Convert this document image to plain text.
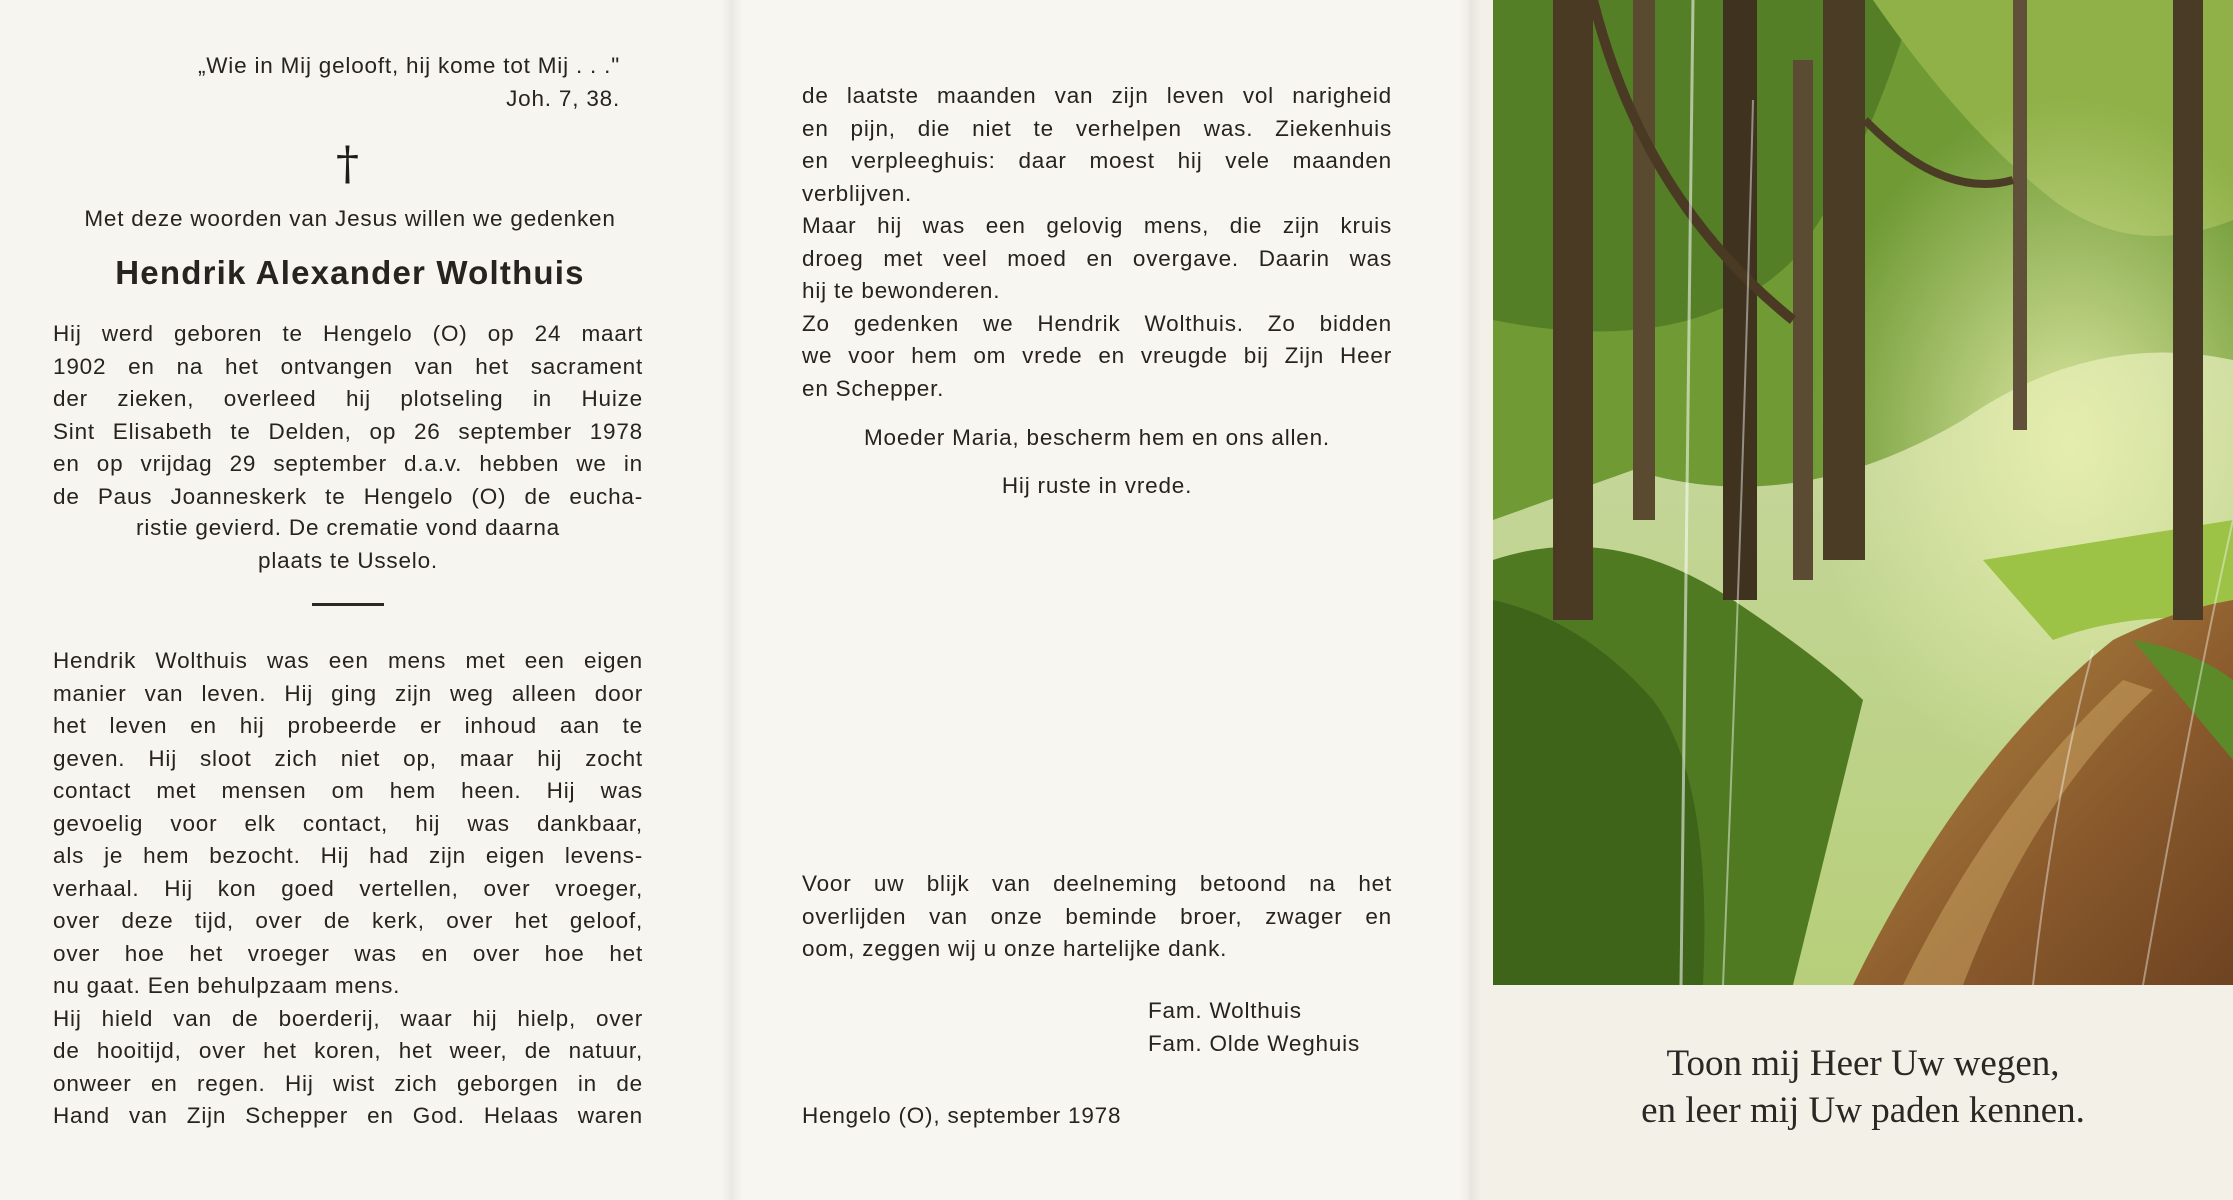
„Wie in Mij gelooft, hij kome tot Mij . . ."
Joh. 7, 38.
†
Met deze woorden van Jesus willen we gedenken
Hendrik Alexander Wolthuis
Hij werd geboren te Hengelo (O) op 24 maart
1902 en na het ontvangen van het sacrament
der zieken, overleed hij plotseling in Huize
Sint Elisabeth te Delden, op 26 september 1978
en op vrijdag 29 september d.a.v. hebben we in
de Paus Joanneskerk te Hengelo (O) de eucha-
ristie gevierd. De crematie vond daarna
plaats te Usselo.
Hendrik Wolthuis was een mens met een eigen
manier van leven. Hij ging zijn weg alleen door
het leven en hij probeerde er inhoud aan te
geven. Hij sloot zich niet op, maar hij zocht
contact met mensen om hem heen. Hij was
gevoelig voor elk contact, hij was dankbaar,
als je hem bezocht. Hij had zijn eigen levens-
verhaal. Hij kon goed vertellen, over vroeger,
over deze tijd, over de kerk, over het geloof,
over hoe het vroeger was en over hoe het
nu gaat. Een behulpzaam mens.
Hij hield van de boerderij, waar hij hielp, over
de hooitijd, over het koren, het weer, de natuur,
onweer en regen. Hij wist zich geborgen in de
Hand van Zijn Schepper en God. Helaas waren
de laatste maanden van zijn leven vol narigheid
en pijn, die niet te verhelpen was. Ziekenhuis
en verpleeghuis: daar moest hij vele maanden
verblijven.
Maar hij was een gelovig mens, die zijn kruis
droeg met veel moed en overgave. Daarin was
hij te bewonderen.
Zo gedenken we Hendrik Wolthuis. Zo bidden
we voor hem om vrede en vreugde bij Zijn Heer
en Schepper.
Moeder Maria, bescherm hem en ons allen.
Hij ruste in vrede.
Voor uw blijk van deelneming betoond na het
overlijden van onze beminde broer, zwager en
oom, zeggen wij u onze hartelijke dank.
Fam. Wolthuis
Fam. Olde Weghuis
Hengelo (O), september 1978
Toon mij Heer Uw wegen,
en leer mij Uw paden kennen.
